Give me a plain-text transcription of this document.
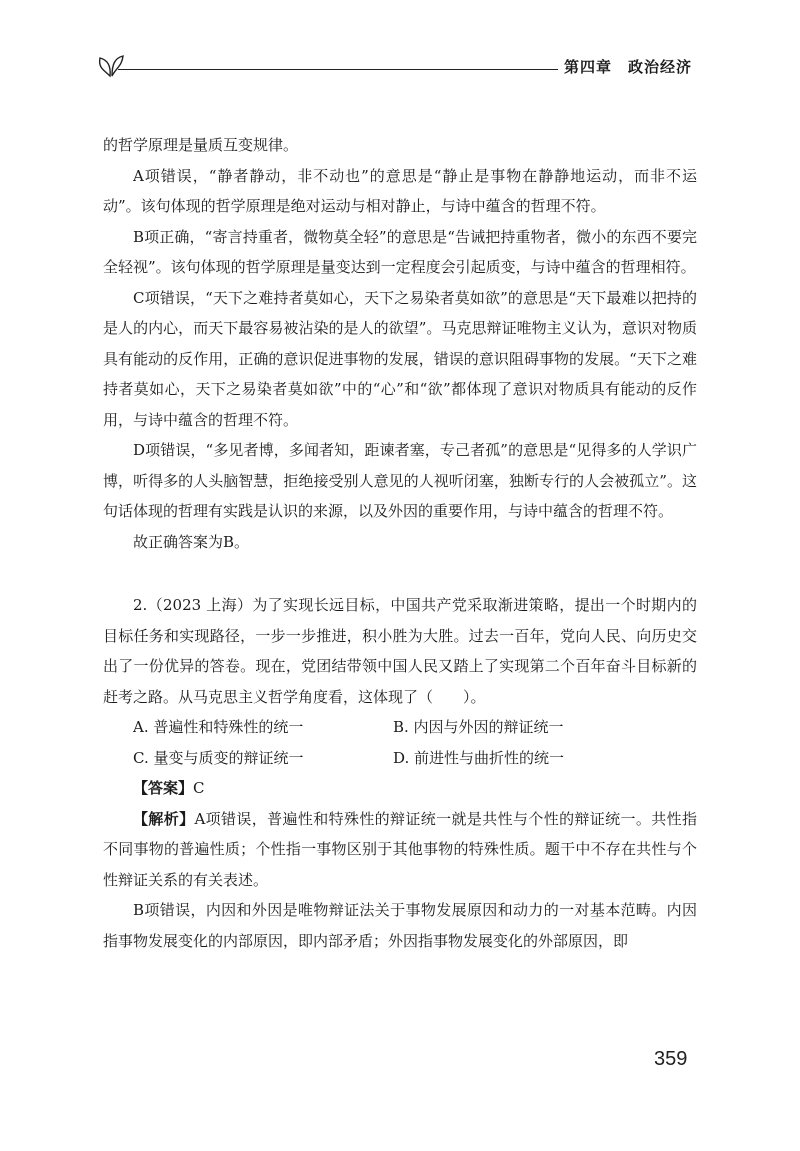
第四章　政治经济

的哲学原理是量质互变规律。

A项错误，“静者静动，非不动也”的意思是“静止是事物在静静地运动，而非不运动”。该句体现的哲学原理是绝对运动与相对静止，与诗中蕴含的哲理不符。

B项正确，“寄言持重者，微物莫全轻”的意思是“告诫把持重物者，微小的东西不要完全轻视”。该句体现的哲学原理是量变达到一定程度会引起质变，与诗中蕴含的哲理相符。

C项错误，“天下之难持者莫如心，天下之易染者莫如欲”的意思是“天下最难以把持的是人的内心，而天下最容易被沾染的是人的欲望”。马克思辩证唯物主义认为，意识对物质具有能动的反作用，正确的意识促进事物的发展，错误的意识阻碍事物的发展。“天下之难持者莫如心，天下之易染者莫如欲”中的“心”和“欲”都体现了意识对物质具有能动的反作用，与诗中蕴含的哲理不符。

D项错误，“多见者博，多闻者知，距谏者塞，专己者孤”的意思是“见得多的人学识广博，听得多的人头脑智慧，拒绝接受别人意见的人视听闭塞，独断专行的人会被孤立”。这句话体现的哲理有实践是认识的来源，以及外因的重要作用，与诗中蕴含的哲理不符。

故正确答案为B。

2.（2023 上海）为了实现长远目标，中国共产党采取渐进策略，提出一个时期内的目标任务和实现路径，一步一步推进，积小胜为大胜。过去一百年，党向人民、向历史交出了一份优异的答卷。现在，党团结带领中国人民又踏上了实现第二个百年奋斗目标新的赶考之路。从马克思主义哲学角度看，这体现了（　　）。

A. 普遍性和特殊性的统一	B. 内因与外因的辩证统一
C. 量变与质变的辩证统一	D. 前进性与曲折性的统一

【答案】C

【解析】A项错误，普遍性和特殊性的辩证统一就是共性与个性的辩证统一。共性指不同事物的普遍性质；个性指一事物区别于其他事物的特殊性质。题干中不存在共性与个性辩证关系的有关表述。

B项错误，内因和外因是唯物辩证法关于事物发展原因和动力的一对基本范畴。内因指事物发展变化的内部原因，即内部矛盾；外因指事物发展变化的外部原因，即

359
